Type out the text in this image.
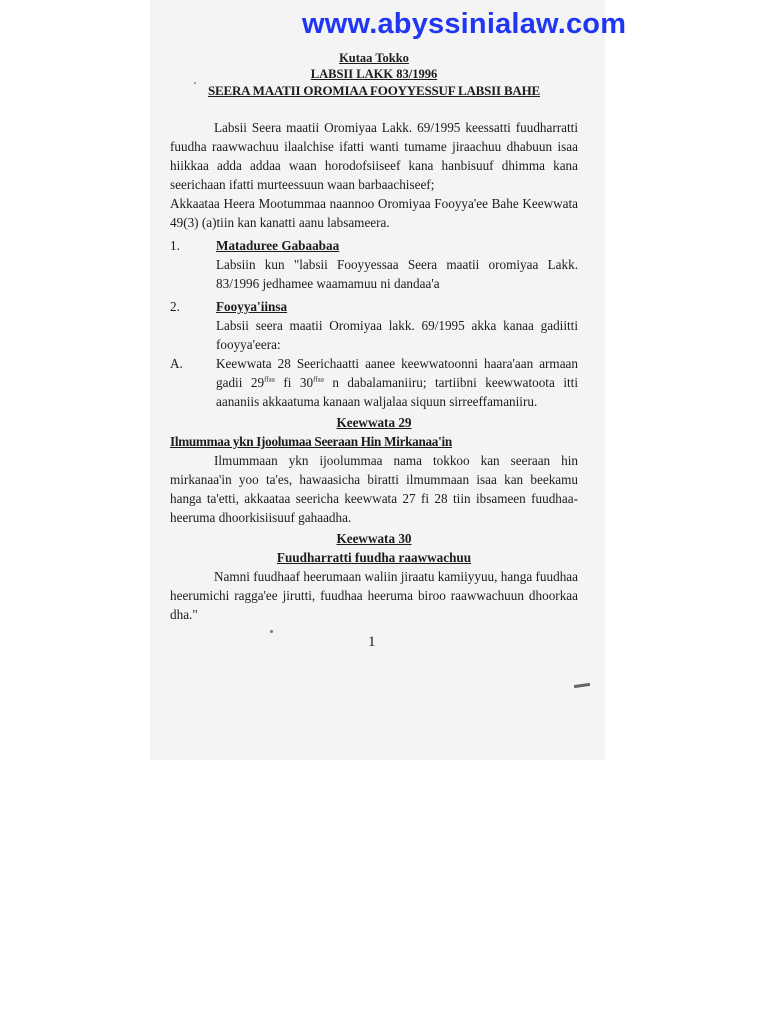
www.abyssinialaw.com
Kutaa Tokko
LABSII LAKK 83/1996
SEERA MAATII OROMIAA FOOYYESSUF LABSII BAHE

Labsii Seera maatii Oromiyaa Lakk. 69/1995 keessatti fuudharratti fuudha raawwachuu ilaalchise ifatti wanti tumame jiraachuu dhabuun isaa hiikkaa adda addaa waan horodofsiiseef kana hanbisuuf dhimma kana seerichaan ifatti murteessuun waan barbaachiseef;

Akkaataa Heera Mootummaa naannoo Oromiyaa Fooyya'ee Bahe Keewwata 49(3) (a)tiin kan kanatti aanu labsameera.

1.	Mataduree Gabaabaa

Labsiin kun "labsii Fooyyessaa Seera maatii oromiyaa Lakk. 83/1996 jedhamee waamamuu ni dandaa'a

2.	Fooyya'iinsa

Labsii seera maatii Oromiyaa lakk. 69/1995 akka kanaa gadiitti fooyya'eera:

A.	Keewwata 28 Seerichaatti aanee keewwatoonni haara'aan armaan gadii $29^{ffaa}$ fi $30^{ffaa}$ n dabalamaniiru; tartiibni keewwatoota itti aananiis akkaatuma kanaan waljalaa siquun sirreeffamaniiru.

Keewwata 29
Ilmummaa ykn Ijoolumaa Seeraan Hin Mirkanaa'in

Ilmummaan ykn ijoolummaa nama tokkoo kan seeraan hin mirkanaa'in yoo ta'es, hawaasicha biratti ilmummaan isaa kan beekamu hanga ta'etti, akkaataa seericha keewwata 27 fi 28 tiin ibsameen fuudhaa-heeruma dhoorkisiisuuf gahaadha.

Keewwata 30
Fuudharratti fuudha raawwachuu

Namni fuudhaaf heerumaan waliin jiraatu kamiiyyuu, hanga fuudhaa heerumichi ragga'ee jirutti, fuudhaa heeruma biroo raawwachuun dhoorkaa dha."

1
